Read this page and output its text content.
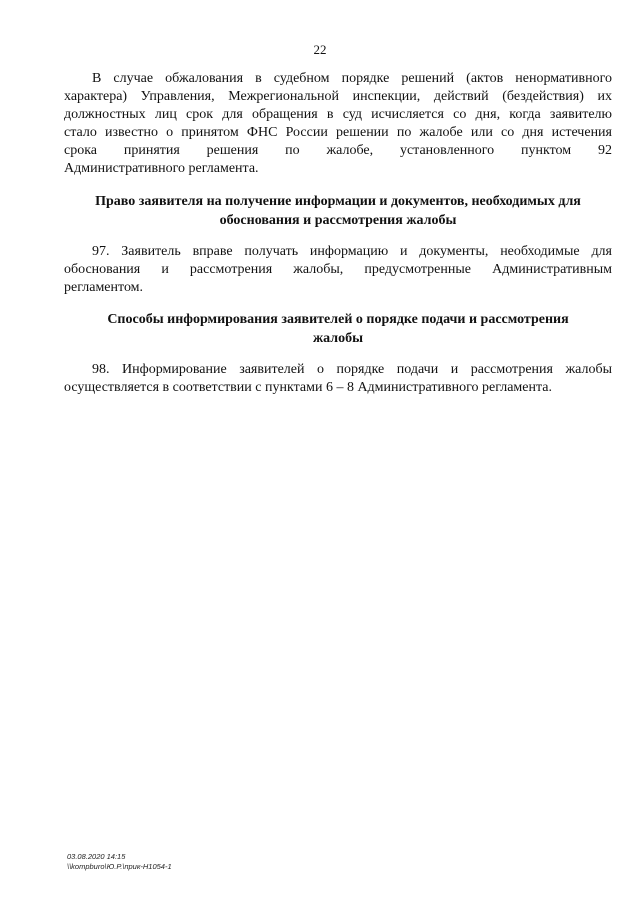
22

В случае обжалования в судебном порядке решений (актов ненормативного
характера) Управления, Межрегиональной инспекции, действий (бездействия) их
должностных лиц срок для обращения в суд исчисляется со дня, когда заявителю
стало известно о принятом ФНС России решении по жалобе или со дня истечения
срока принятия решения по жалобе, установленного пунктом 92
Административного регламента.

Право заявителя на получение информации и документов, необходимых для
обоснования и рассмотрения жалобы

97. Заявитель вправе получать информацию и документы, необходимые для
обоснования и рассмотрения жалобы, предусмотренные Административным
регламентом.

Способы информирования заявителей о порядке подачи и рассмотрения
жалобы

98. Информирование заявителей о порядке подачи и рассмотрения жалобы
осуществляется в соответствии с пунктами 6 – 8 Административного регламента.

03.08.2020 14:15
\\kompburo\Ю.Р.\прик-Н1054-1
